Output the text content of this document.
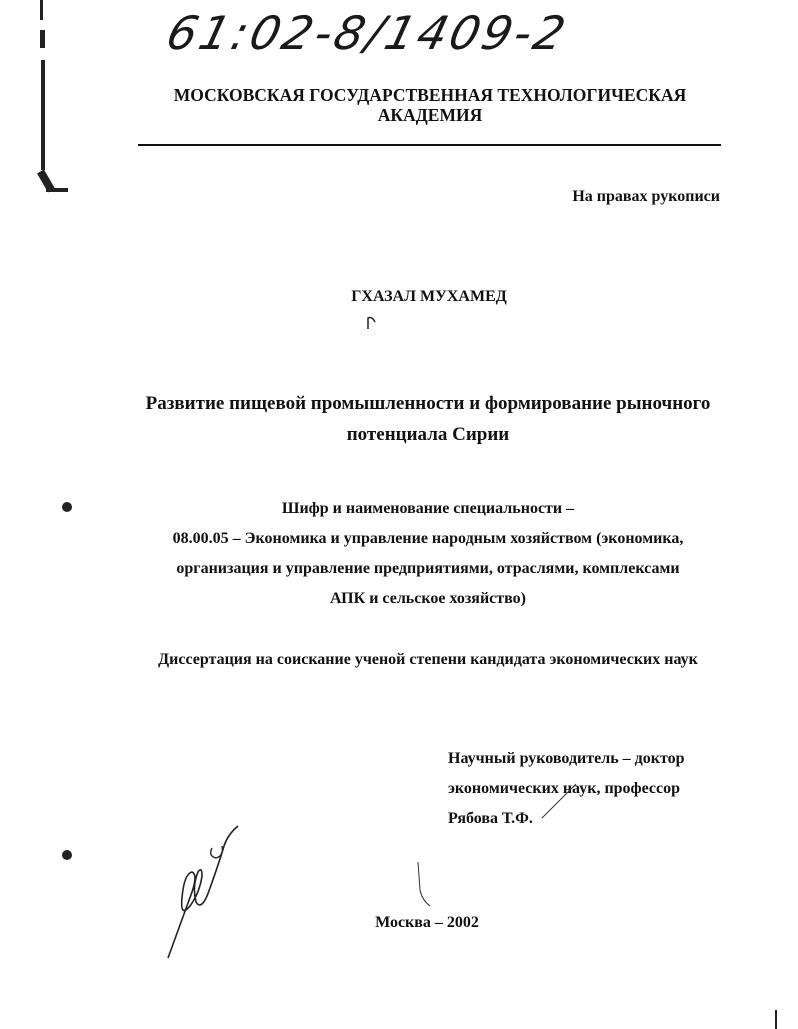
61:02-8/1409-2
МОСКОВСКАЯ ГОСУДАРСТВЕННАЯ ТЕХНОЛОГИЧЕСКАЯ АКАДЕМИЯ
На правах рукописи
ГХАЗАЛ МУХАМЕД
Развитие пищевой промышленности и формирование рыночного потенциала Сирии
Шифр и наименование специальности –
08.00.05 – Экономика и управление народным хозяйством (экономика,
организация и управление предприятиями, отраслями, комплексами
АПК и сельское хозяйство)
Диссертация на соискание ученой степени кандидата экономических наук
Научный руководитель – доктор
экономических наук, профессор
Рябова Т.Ф.
Москва – 2002
